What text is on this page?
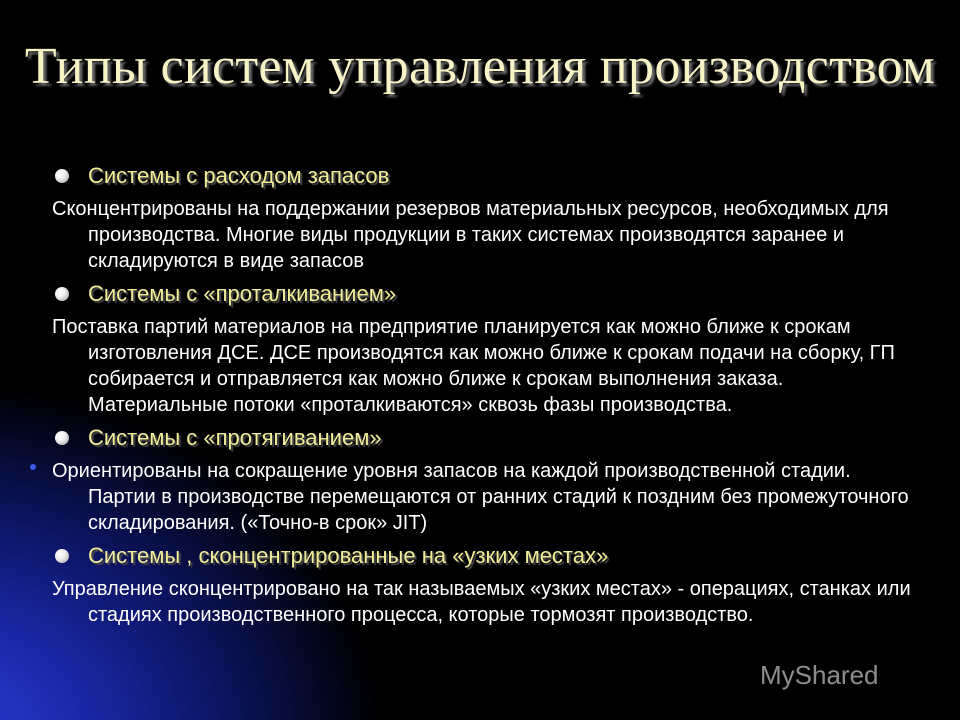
Типы систем управления производством
Системы с расходом запасов
Сконцентрированы на поддержании резервов материальных ресурсов, необходимых для производства. Многие виды продукции в таких системах производятся заранее и складируются в виде запасов
Системы с «проталкиванием»
Поставка партий материалов на предприятие планируется как можно ближе к срокам изготовления ДСЕ. ДСЕ производятся как можно ближе к срокам подачи на сборку, ГП собирается и отправляется как можно ближе к срокам выполнения заказа. Материальные потоки «проталкиваются» сквозь фазы производства.
Системы с «протягиванием»
Ориентированы на сокращение уровня запасов на каждой производственной стадии. Партии в производстве перемещаются от ранних стадий к поздним без промежуточного складирования. («Точно-в срок» JIT)
Системы , сконцентрированные на «узких местах»
Управление сконцентрировано на так называемых «узких местах» - операциях, станках или стадиях производственного процесса, которые тормозят производство.
MyShared
